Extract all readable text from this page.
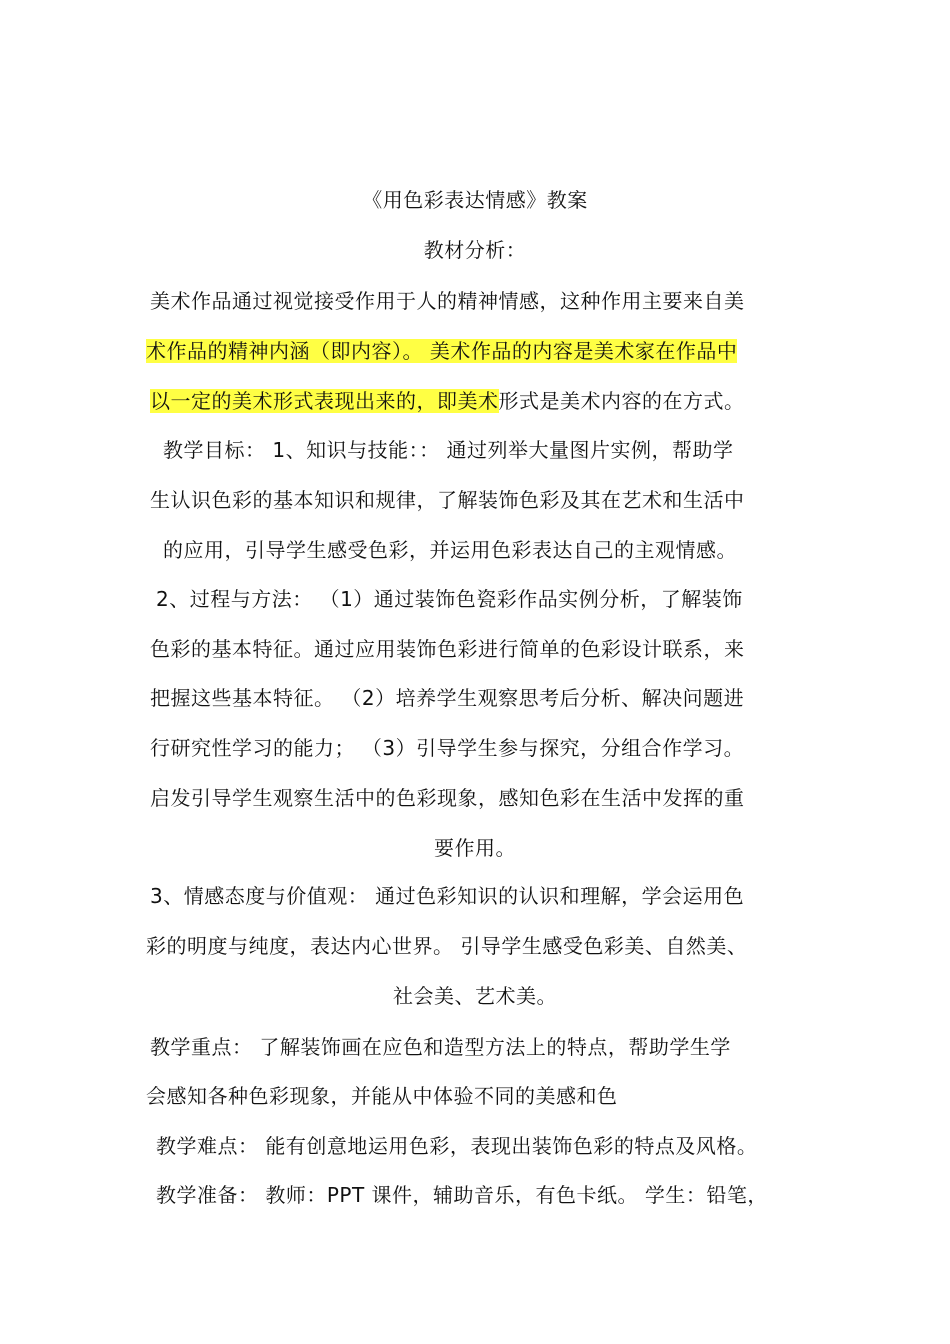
《用色彩表达情感》教案
教材分析：
美术作品通过视觉接受作用于人的精神情感，这种作用主要来自美
术作品的精神内涵（即内容）。 美术作品的内容是美术家在作品中
以一定的美术形式表现出来的，即美术形式是美术内容的在方式。
教学目标： 1、知识与技能：： 通过列举大量图片实例，帮助学
生认识色彩的基本知识和规律，了解装饰色彩及其在艺术和生活中
的应用，引导学生感受色彩，并运用色彩表达自己的主观情感。
2、过程与方法： （1）通过装饰色瓷彩作品实例分析，了解装饰
色彩的基本特征。通过应用装饰色彩进行简单的色彩设计联系，来
把握这些基本特征。 （2）培养学生观察思考后分析、解决问题进
行研究性学习的能力； （3）引导学生参与探究，分组合作学习。
启发引导学生观察生活中的色彩现象，感知色彩在生活中发挥的重
要作用。
3、情感态度与价值观： 通过色彩知识的认识和理解，学会运用色
彩的明度与纯度，表达内心世界。 引导学生感受色彩美、自然美、
社会美、艺术美。
教学重点： 了解装饰画在应色和造型方法上的特点，帮助学生学
会感知各种色彩现象，并能从中体验不同的美感和色
教学难点： 能有创意地运用色彩，表现出装饰色彩的特点及风格。
教学准备： 教师：PPT 课件，辅助音乐，有色卡纸。 学生：铅笔，
